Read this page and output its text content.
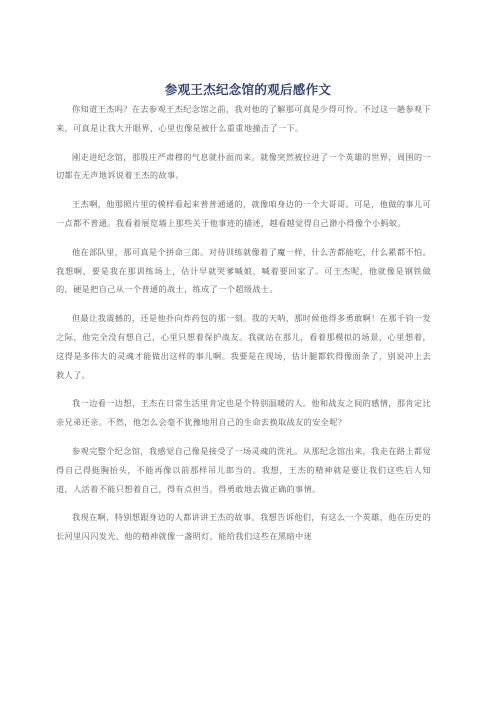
参观王杰纪念馆的观后感作文

你知道王杰吗？在去参观王杰纪念馆之前，我对他的了解那可真是少得可怜。不过这一趟参观下来，可真是让我大开眼界，心里也像是被什么重重地撞击了一下。

刚走进纪念馆，那股庄严肃穆的气息就扑面而来。就像突然被拉进了一个英雄的世界，周围的一切都在无声地诉说着王杰的故事。

王杰啊，他那照片里的模样看起来普普通通的，就像咱身边的一个大哥哥。可是，他做的事儿可一点都不普通。我看着展览墙上那些关于他事迹的描述，越看越觉得自己渺小得像个小蚂蚁。

他在部队里，那可真是个拼命三郎。对待训练就像着了魔一样，什么苦都能吃，什么累都不怕。我想啊，要是我在那训练场上，估计早就哭爹喊娘，喊着要回家了。可王杰呢，他就像是钢铁做的，硬是把自己从一个普通的战士，练成了一个超级战士。

但最让我震撼的，还是他扑向炸药包的那一刻。我的天呐，那时候他得多勇敢啊！在那千钧一发之际，他完全没有想自己，心里只想着保护战友。我就站在那儿，看着那模拟的场景，心里想着，这得是多伟大的灵魂才能做出这样的事儿啊。我要是在现场，估计腿都软得像面条了，别说冲上去救人了。

我一边看一边想，王杰在日常生活里肯定也是个特别温暖的人。他和战友之间的感情，那肯定比亲兄弟还亲。不然，他怎么会毫不犹豫地用自己的生命去换取战友的安全呢？

参观完整个纪念馆，我感觉自己像是接受了一场灵魂的洗礼。从那纪念馆出来，我走在路上都觉得自己得挺胸抬头，不能再像以前那样吊儿郎当的。我想，王杰的精神就是要让我们这些后人知道，人活着不能只想着自己，得有点担当，得勇敢地去做正确的事情。

我现在啊，特别想跟身边的人都讲讲王杰的故事。我想告诉他们，有这么一个英雄，他在历史的长河里闪闪发光，他的精神就像一盏明灯，能给我们这些在黑暗中迷
